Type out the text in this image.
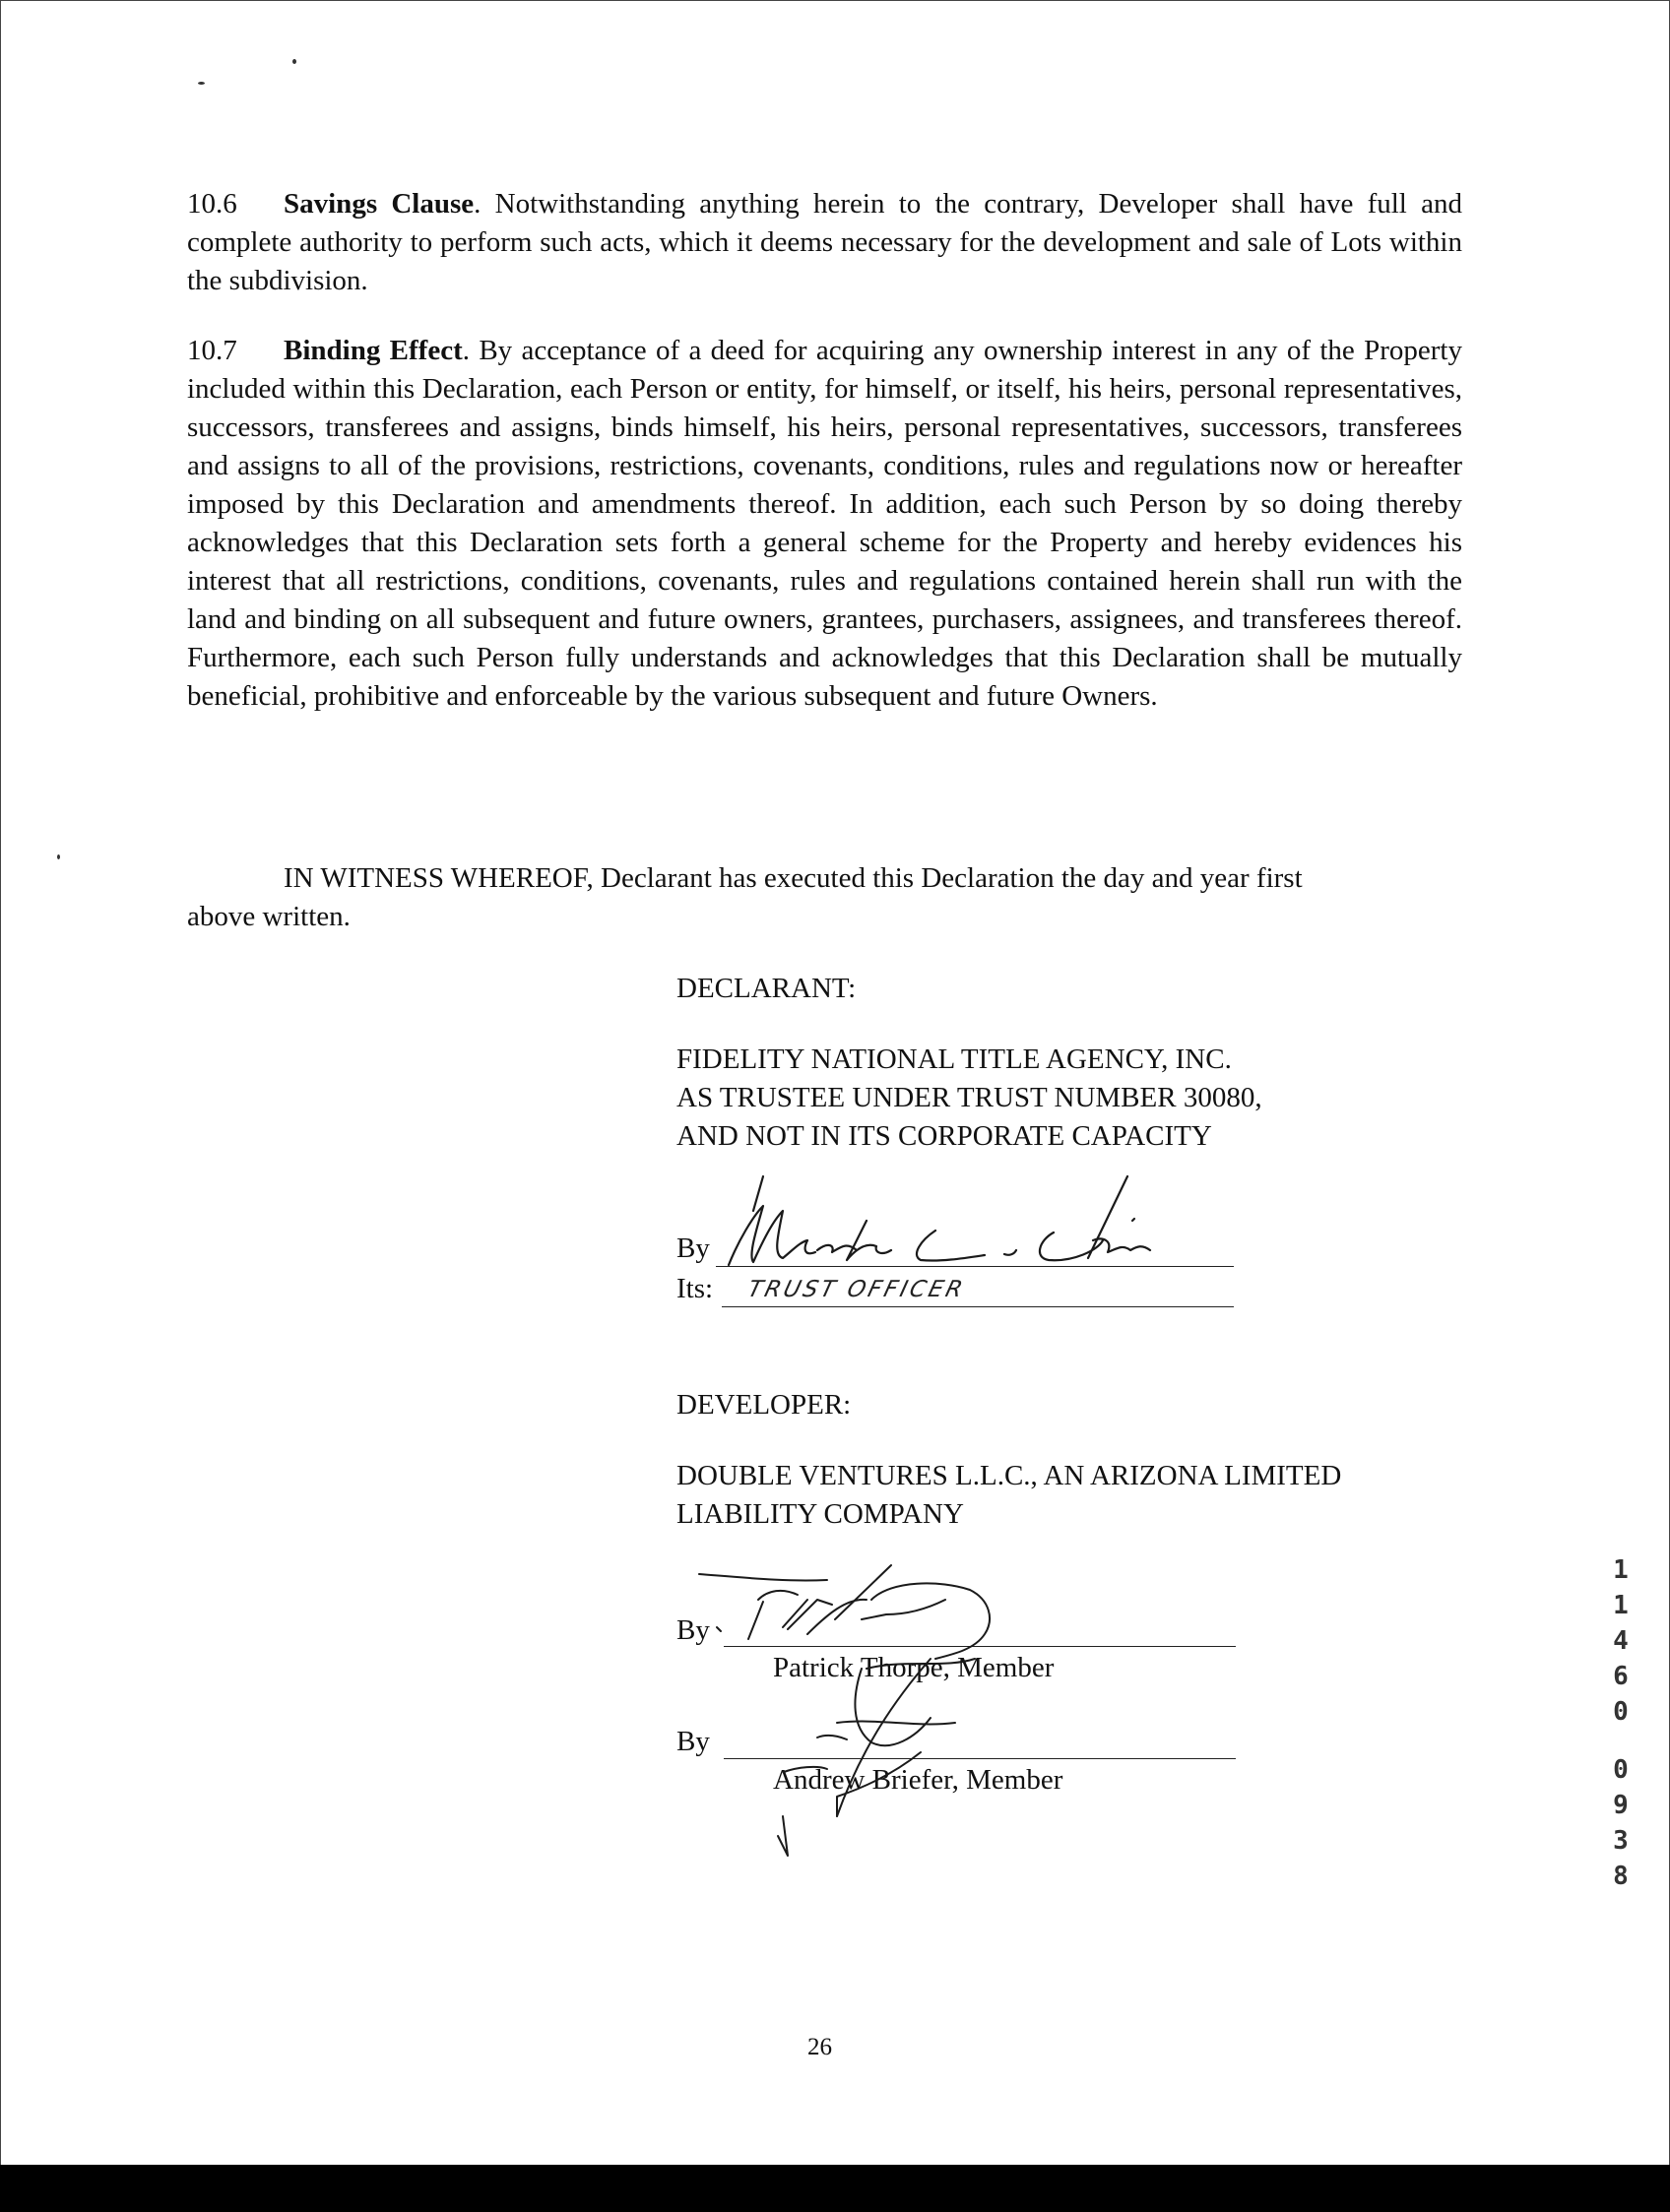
10.6 Savings Clause. Notwithstanding anything herein to the contrary, Developer shall have full and complete authority to perform such acts, which it deems necessary for the development and sale of Lots within the subdivision.
10.7 Binding Effect. By acceptance of a deed for acquiring any ownership interest in any of the Property included within this Declaration, each Person or entity, for himself, or itself, his heirs, personal representatives, successors, transferees and assigns, binds himself, his heirs, personal representatives, successors, transferees and assigns to all of the provisions, restrictions, covenants, conditions, rules and regulations now or hereafter imposed by this Declaration and amendments thereof. In addition, each such Person by so doing thereby acknowledges that this Declaration sets forth a general scheme for the Property and hereby evidences his interest that all restrictions, conditions, covenants, rules and regulations contained herein shall run with the land and binding on all subsequent and future owners, grantees, purchasers, assignees, and transferees thereof. Furthermore, each such Person fully understands and acknowledges that this Declaration shall be mutually beneficial, prohibitive and enforceable by the various subsequent and future Owners.
IN WITNESS WHEREOF, Declarant has executed this Declaration the day and year first
above written.
DECLARANT:
FIDELITY NATIONAL TITLE AGENCY, INC.
AS TRUSTEE UNDER TRUST NUMBER 30080,
AND NOT IN ITS CORPORATE CAPACITY
By
Its: TRUST OFFICER
DEVELOPER:
DOUBLE VENTURES L.L.C., AN ARIZONA LIMITED
LIABILITY COMPANY
By
Patrick Thorpe, Member
By
Andrew Briefer, Member
1
1
4
6
0
0
9
3
8
26
